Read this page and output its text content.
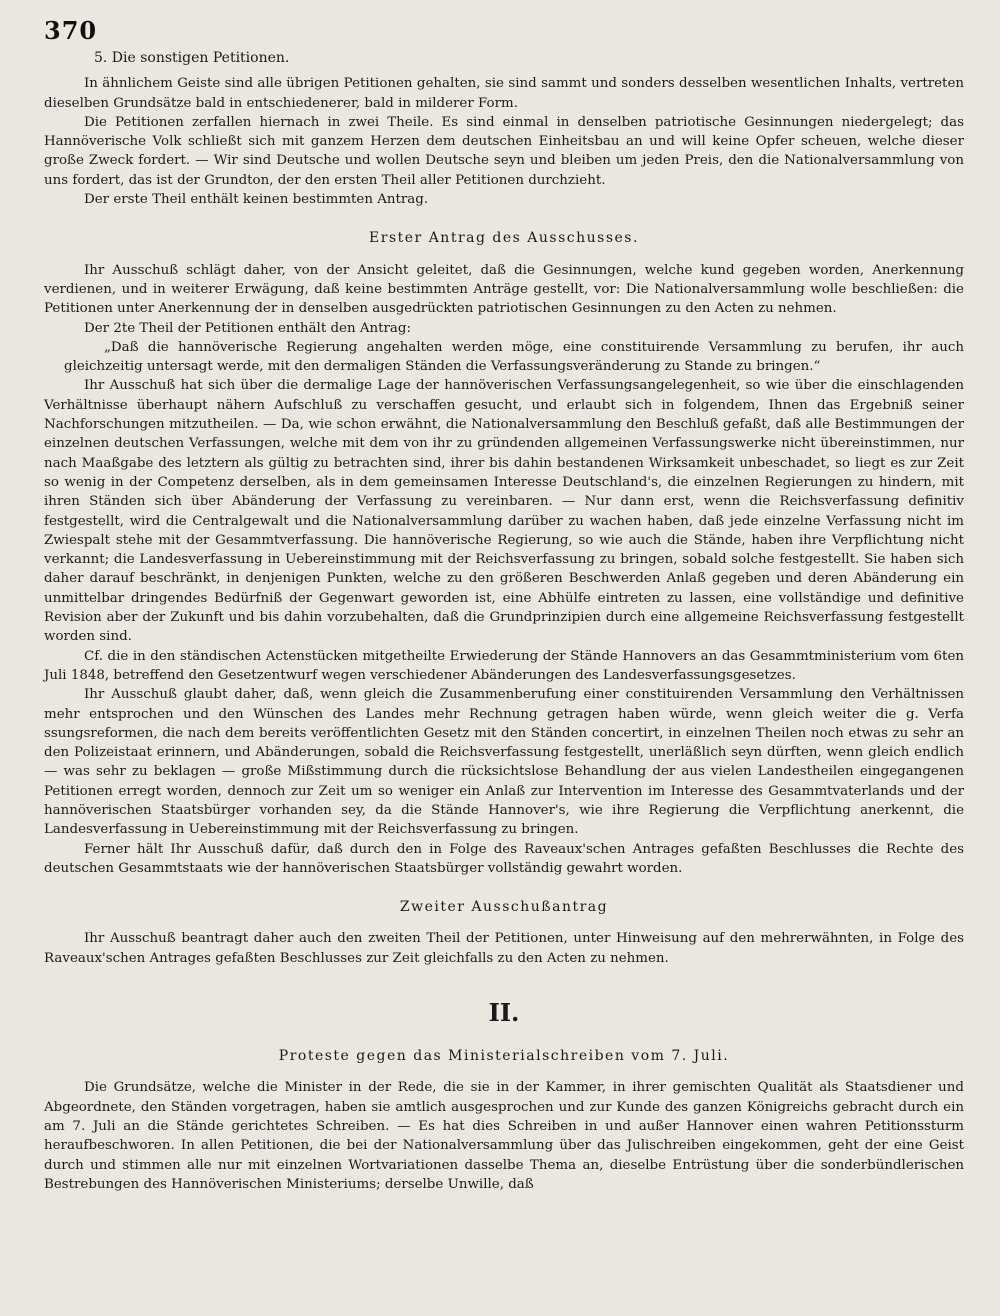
370

5. Die sonstigen Petitionen.

In ähnlichem Geiste sind alle übrigen Petitionen gehalten, sie sind sammt und sonders desselben wesentlichen Inhalts, vertreten dieselben Grundsätze bald in entschiedenerer, bald in milderer Form.

Die Petitionen zerfallen hiernach in zwei Theile. Es sind einmal in denselben patriotische Gesinnungen niedergelegt; das Hannöverische Volk schließt sich mit ganzem Herzen dem deutschen Einheitsbau an und will keine Opfer scheuen, welche dieser große Zweck fordert. — Wir sind Deutsche und wollen Deutsche seyn und bleiben um jeden Preis, den die Nationalversammlung von uns fordert, das ist der Grundton, der den ersten Theil aller Petitionen durchzieht.

Der erste Theil enthält keinen bestimmten Antrag.

Erster Antrag des Ausschusses.

Ihr Ausschuß schlägt daher, von der Ansicht geleitet, daß die Gesinnungen, welche kund gegeben worden, Anerkennung verdienen, und in weiterer Erwägung, daß keine bestimmten Anträge gestellt, vor: Die Nationalversammlung wolle beschließen: die Petitionen unter Anerkennung der in denselben ausgedrückten patriotischen Gesinnungen zu den Acten zu nehmen.

Der 2te Theil der Petitionen enthält den Antrag:

„Daß die hannöverische Regierung angehalten werden möge, eine constituirende Versammlung zu berufen, ihr auch gleichzeitig untersagt werde, mit den dermaligen Ständen die Verfassungsveränderung zu Stande zu bringen.“

Ihr Ausschuß hat sich über die dermalige Lage der hannöverischen Verfassungsangelegenheit, so wie über die einschlagenden Verhältnisse überhaupt nähern Aufschluß zu verschaffen gesucht, und erlaubt sich in folgendem, Ihnen das Ergebniß seiner Nachforschungen mitzutheilen. — Da, wie schon erwähnt, die Nationalversammlung den Beschluß gefaßt, daß alle Bestimmungen der einzelnen deutschen Verfassungen, welche mit dem von ihr zu gründenden allgemeinen Verfassungswerke nicht übereinstimmen, nur nach Maaßgabe des letztern als gültig zu betrachten sind, ihrer bis dahin bestandenen Wirksamkeit unbeschadet, so liegt es zur Zeit so wenig in der Competenz derselben, als in dem gemeinsamen Interesse Deutschland's, die einzelnen Regierungen zu hindern, mit ihren Ständen sich über Abänderung der Verfassung zu vereinbaren. — Nur dann erst, wenn die Reichsverfassung definitiv festgestellt, wird die Centralgewalt und die Nationalversammlung darüber zu wachen haben, daß jede einzelne Verfassung nicht im Zwiespalt stehe mit der Gesammtverfassung. Die hannöverische Regierung, so wie auch die Stände, haben ihre Verpflichtung nicht verkannt; die Landesverfassung in Uebereinstimmung mit der Reichsverfassung zu bringen, sobald solche festgestellt. Sie haben sich daher darauf beschränkt, in denjenigen Punkten, welche zu den größeren Beschwerden Anlaß gegeben und deren Abänderung ein unmittelbar dringendes Bedürfniß der Gegenwart geworden ist, eine Abhülfe eintreten zu lassen, eine vollständige und definitive Revision aber der Zukunft und bis dahin vorzubehalten, daß die Grundprinzipien durch eine allgemeine Reichsverfassung festgestellt worden sind.

Cf. die in den ständischen Actenstücken mitgetheilte Erwiederung der Stände Hannovers an das Gesammtministerium vom 6ten Juli 1848, betreffend den Gesetzentwurf wegen verschiedener Abänderungen des Landesverfassungsgesetzes.

Ihr Ausschuß glaubt daher, daß, wenn gleich die Zusammenberufung einer constituirenden Versammlung den Verhältnissen mehr entsprochen und den Wünschen des Landes mehr Rechnung getragen haben würde, wenn gleich weiter die g. Verfa ssungsreformen, die nach dem bereits veröffentlichten Gesetz mit den Ständen concertirt, in einzelnen Theilen noch etwas zu sehr an den Polizeistaat erinnern, und Abänderungen, sobald die Reichsverfassung festgestellt, unerläßlich seyn dürften, wenn gleich endlich — was sehr zu beklagen — große Mißstimmung durch die rücksichtslose Behandlung der aus vielen Landestheilen eingegangenen Petitionen erregt worden, dennoch zur Zeit um so weniger ein Anlaß zur Intervention im Interesse des Gesammtvaterlands und der hannöverischen Staatsbürger vorhanden sey, da die Stände Hannover's, wie ihre Regierung die Verpflichtung anerkennt, die Landesverfassung in Uebereinstimmung mit der Reichsverfassung zu bringen.

Ferner hält Ihr Ausschuß dafür, daß durch den in Folge des Raveaux'schen Antrages gefaßten Beschlusses die Rechte des deutschen Gesammtstaats wie der hannöverischen Staatsbürger vollständig gewahrt worden.

Zweiter Ausschußantrag

Ihr Ausschuß beantragt daher auch den zweiten Theil der Petitionen, unter Hinweisung auf den mehrerwähnten, in Folge des Raveaux'schen Antrages gefaßten Beschlusses zur Zeit gleichfalls zu den Acten zu nehmen.

II.

Proteste gegen das Ministerialschreiben vom 7. Juli.

Die Grundsätze, welche die Minister in der Rede, die sie in der Kammer, in ihrer gemischten Qualität als Staatsdiener und Abgeordnete, den Ständen vorgetragen, haben sie amtlich ausgesprochen und zur Kunde des ganzen Königreichs gebracht durch ein am 7. Juli an die Stände gerichtetes Schreiben. — Es hat dies Schreiben in und außer Hannover einen wahren Petitionssturm heraufbeschworen. In allen Petitionen, die bei der Nationalversammlung über das Julischreiben eingekommen, geht der eine Geist durch und stimmen alle nur mit einzelnen Wortvariationen dasselbe Thema an, dieselbe Entrüstung über die sonderbündlerischen Bestrebungen des Hannöverischen Ministeriums; derselbe Unwille, daß
